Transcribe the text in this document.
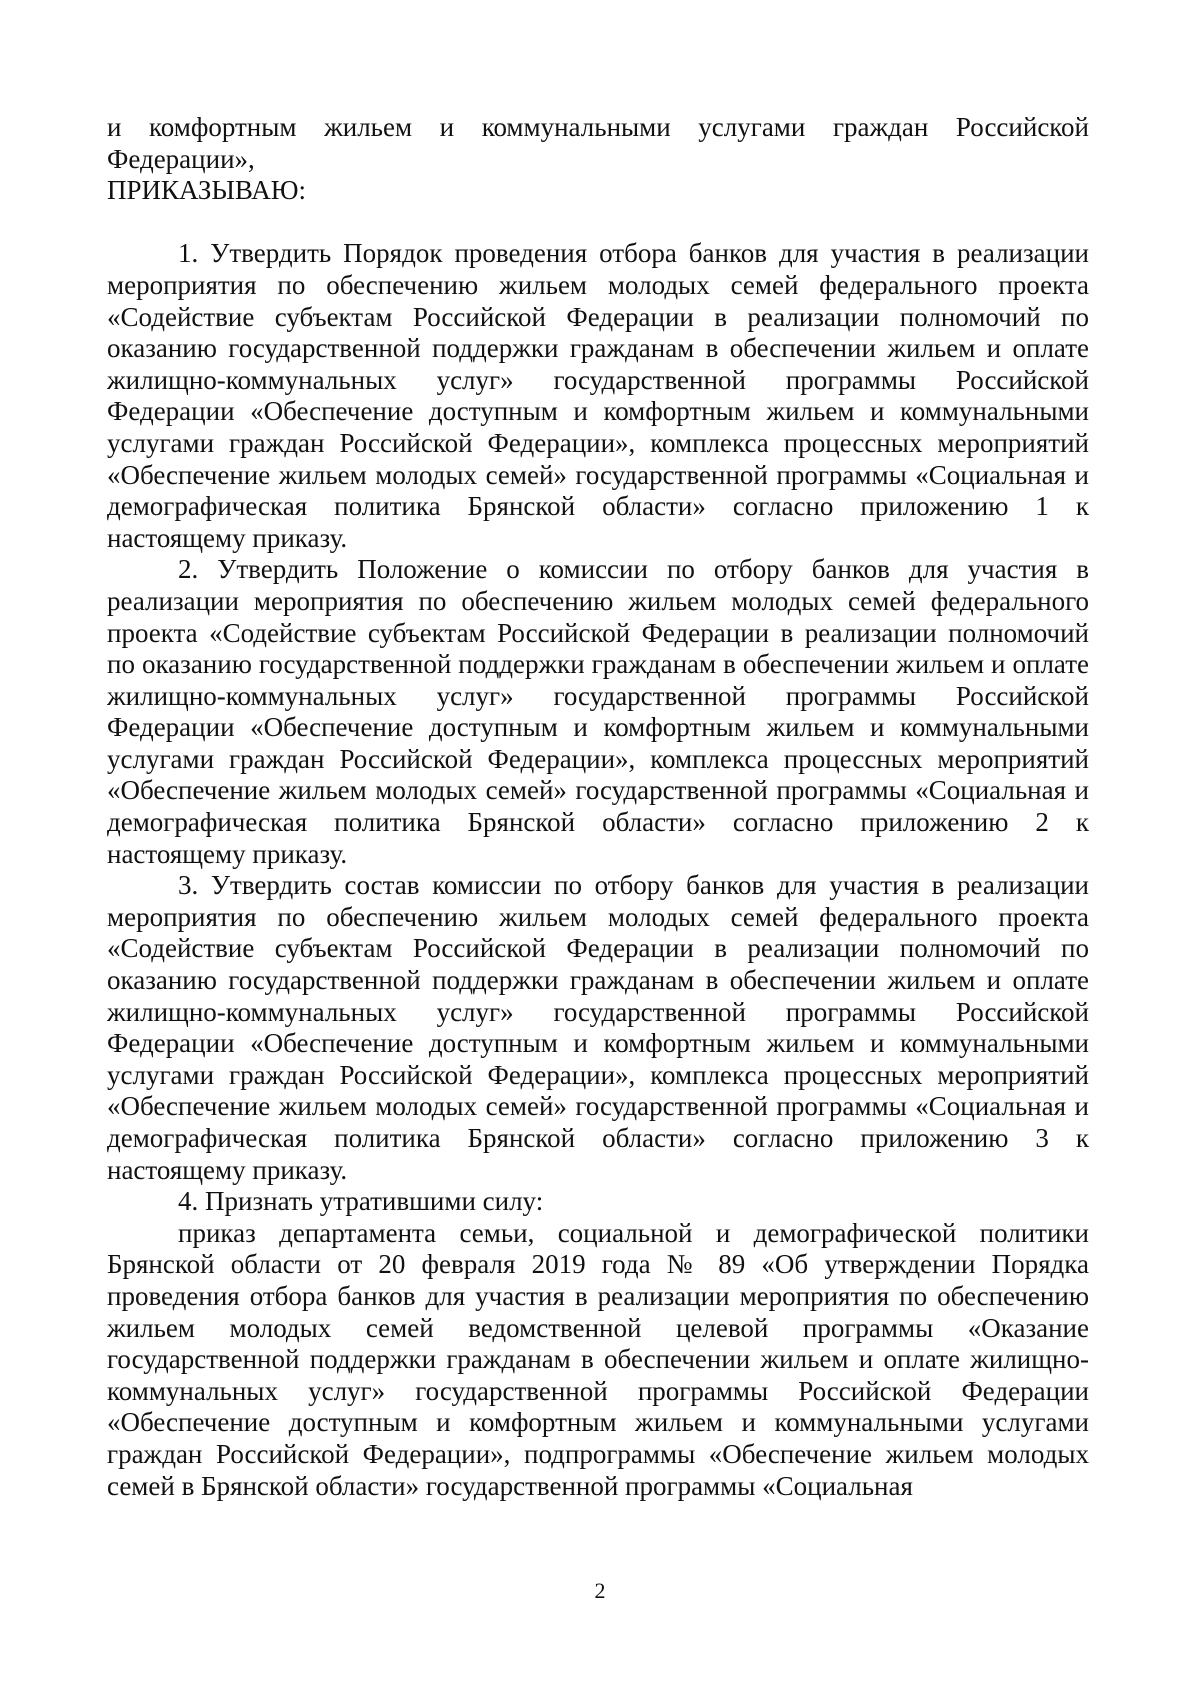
и комфортным жильем и коммунальными услугами граждан Российской Федерации»,

ПРИКАЗЫВАЮ:

1. Утвердить Порядок проведения отбора банков для участия в реализации мероприятия по обеспечению жильем молодых семей федерального проекта «Содействие субъектам Российской Федерации в реализации полномочий по оказанию государственной поддержки гражданам в обеспечении жильем и оплате жилищно-коммунальных услуг» государственной программы Российской Федерации «Обеспечение доступным и комфортным жильем и коммунальными услугами граждан Российской Федерации», комплекса процессных мероприятий «Обеспечение жильем молодых семей» государственной программы «Социальная и демографическая политика Брянской области» согласно приложению 1 к настоящему приказу.

2. Утвердить Положение о комиссии по отбору банков для участия в реализации мероприятия по обеспечению жильем молодых семей федерального проекта «Содействие субъектам Российской Федерации в реализации полномочий по оказанию государственной поддержки гражданам в обеспечении жильем и оплате жилищно-коммунальных услуг» государственной программы Российской Федерации «Обеспечение доступным и комфортным жильем и коммунальными услугами граждан Российской Федерации», комплекса процессных мероприятий «Обеспечение жильем молодых семей» государственной программы «Социальная и демографическая политика Брянской области» согласно приложению 2 к настоящему приказу.

3. Утвердить состав комиссии по отбору банков для участия в реализации мероприятия по обеспечению жильем молодых семей федерального проекта «Содействие субъектам Российской Федерации в реализации полномочий по оказанию государственной поддержки гражданам в обеспечении жильем и оплате жилищно-коммунальных услуг» государственной программы Российской Федерации «Обеспечение доступным и комфортным жильем и коммунальными услугами граждан Российской Федерации», комплекса процессных мероприятий «Обеспечение жильем молодых семей» государственной программы «Социальная и демографическая политика Брянской области» согласно приложению 3 к настоящему приказу.

4. Признать утратившими силу:

приказ департамента семьи, социальной и демографической политики Брянской области от 20 февраля 2019 года № 89 «Об утверждении Порядка проведения отбора банков для участия в реализации мероприятия по обеспечению жильем молодых семей ведомственной целевой программы «Оказание государственной поддержки гражданам в обеспечении жильем и оплате жилищно-коммунальных услуг» государственной программы Российской Федерации «Обеспечение доступным и комфортным жильем и коммунальными услугами граждан Российской Федерации», подпрограммы «Обеспечение жильем молодых семей в Брянской области» государственной программы «Социальная

2
